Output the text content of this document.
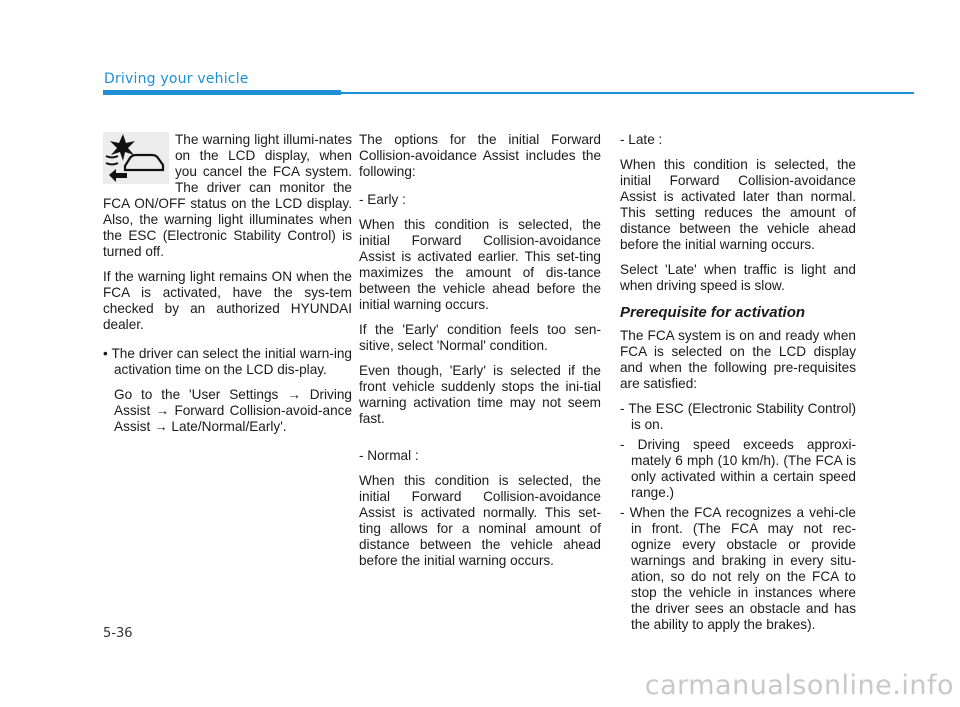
Driving your vehicle

The warning light illumi-nates on the LCD display, when you cancel the FCA system. The driver can monitor the FCA ON/OFF status on the LCD display. Also, the warning light illuminates when the ESC (Electronic Stability Control) is turned off.

If the warning light remains ON when the FCA is activated, have the sys-tem checked by an authorized HYUNDAI dealer.

• The driver can select the initial warn-ing activation time on the LCD dis-play.

Go to the 'User Settings → Driving Assist → Forward Collision-avoid-ance Assist → Late/Normal/Early'.

The options for the initial Forward Collision-avoidance Assist includes the following:

- Early :

When this condition is selected, the initial Forward Collision-avoidance Assist is activated earlier. This set-ting maximizes the amount of dis-tance between the vehicle ahead before the initial warning occurs.

If the 'Early' condition feels too sen-sitive, select 'Normal' condition.

Even though, 'Early' is selected if the front vehicle suddenly stops the ini-tial warning activation time may not seem fast.

- Normal :

When this condition is selected, the initial Forward Collision-avoidance Assist is activated normally. This set-ting allows for a nominal amount of distance between the vehicle ahead before the initial warning occurs.

- Late :

When this condition is selected, the initial Forward Collision-avoidance Assist is activated later than normal. This setting reduces the amount of distance between the vehicle ahead before the initial warning occurs.

Select 'Late' when traffic is light and when driving speed is slow.

Prerequisite for activation

The FCA system is on and ready when FCA is selected on the LCD display and when the following pre-requisites are satisfied:

- The ESC (Electronic Stability Control) is on.

- Driving speed exceeds approxi-mately 6 mph (10 km/h). (The FCA is only activated within a certain speed range.)

- When the FCA recognizes a vehi-cle in front. (The FCA may not rec-ognize every obstacle or provide warnings and braking in every situ-ation, so do not rely on the FCA to stop the vehicle in instances where the driver sees an obstacle and has the ability to apply the brakes).

5-36
carmanualsonline.info
